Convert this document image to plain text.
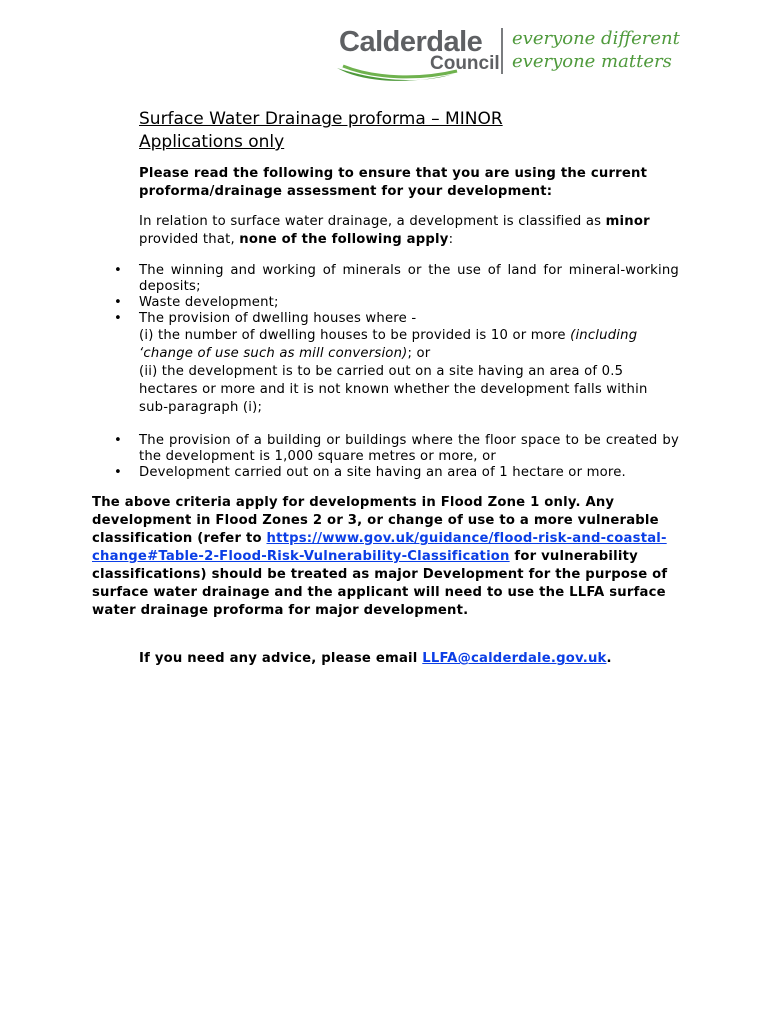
Calderdale
Council
everyone different
everyone matters
Surface Water Drainage proforma – MINOR Applications only

Please read the following to ensure that you are using the current proforma/drainage assessment for your development:

In relation to surface water drainage, a development is classified as minor provided that, none of the following apply:

• The winning and working of minerals or the use of land for mineral-working deposits;
• Waste development;
• The provision of dwelling houses where -
(i) the number of dwelling houses to be provided is 10 or more (including ‘change of use such as mill conversion); or
(ii) the development is to be carried out on a site having an area of 0.5 hectares or more and it is not known whether the development falls within sub-paragraph (i);
• The provision of a building or buildings where the floor space to be created by the development is 1,000 square metres or more, or
• Development carried out on a site having an area of 1 hectare or more.

The above criteria apply for developments in Flood Zone 1 only. Any development in Flood Zones 2 or 3, or change of use to a more vulnerable classification (refer to https://www.gov.uk/guidance/flood-risk-and-coastal-change#Table-2-Flood-Risk-Vulnerability-Classification for vulnerability classifications) should be treated as major Development for the purpose of surface water drainage and the applicant will need to use the LLFA surface water drainage proforma for major development.

If you need any advice, please email LLFA@calderdale.gov.uk.
